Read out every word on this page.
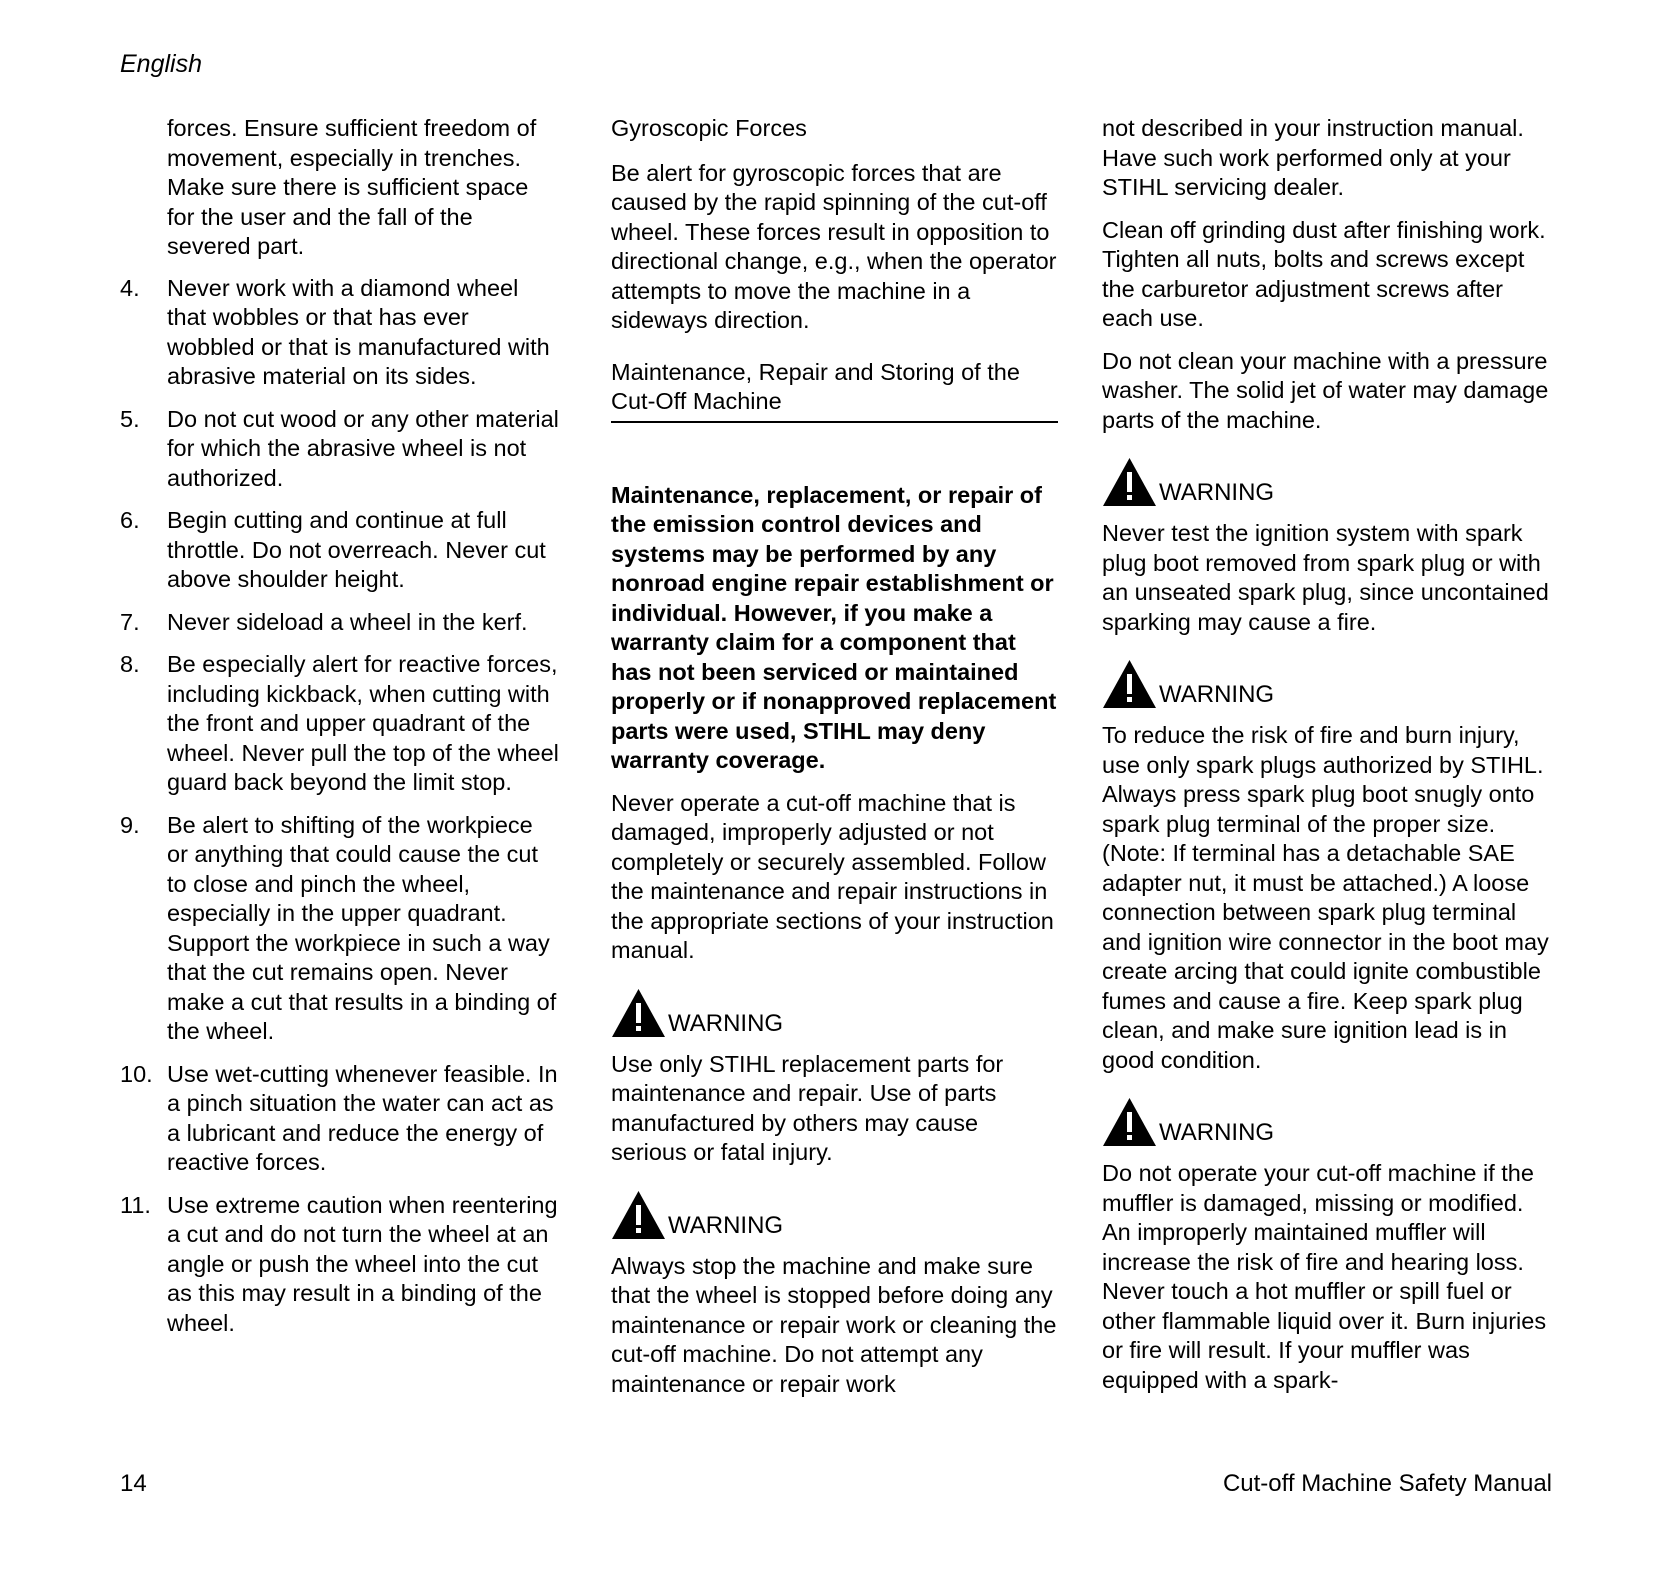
English
forces. Ensure sufficient freedom of movement, especially in trenches. Make sure there is sufficient space for the user and the fall of the severed part.
4.	Never work with a diamond wheel that wobbles or that has ever wobbled or that is manufactured with abrasive material on its sides.
5.	Do not cut wood or any other material for which the abrasive wheel is not authorized.
6.	Begin cutting and continue at full throttle. Do not overreach. Never cut above shoulder height.
7.	Never sideload a wheel in the kerf.
8.	Be especially alert for reactive forces, including kickback, when cutting with the front and upper quadrant of the wheel. Never pull the top of the wheel guard back beyond the limit stop.
9.	Be alert to shifting of the workpiece or anything that could cause the cut to close and pinch the wheel, especially in the upper quadrant. Support the workpiece in such a way that the cut remains open. Never make a cut that results in a binding of the wheel.
10. Use wet-cutting whenever feasible. In a pinch situation the water can act as a lubricant and reduce the energy of reactive forces.
11. Use extreme caution when reentering a cut and do not turn the wheel at an angle or push the wheel into the cut as this may result in a binding of the wheel.
Gyroscopic Forces
Be alert for gyroscopic forces that are caused by the rapid spinning of the cut-off wheel. These forces result in opposition to directional change, e.g., when the operator attempts to move the machine in a sideways direction.
Maintenance, Repair and Storing of the Cut-Off Machine
Maintenance, replacement, or repair of the emission control devices and systems may be performed by any nonroad engine repair establishment or individual. However, if you make a warranty claim for a component that has not been serviced or maintained properly or if nonapproved replacement parts were used, STIHL may deny warranty coverage.
Never operate a cut-off machine that is damaged, improperly adjusted or not completely or securely assembled. Follow the maintenance and repair instructions in the appropriate sections of your instruction manual.
WARNING
Use only STIHL replacement parts for maintenance and repair. Use of parts manufactured by others may cause serious or fatal injury.
WARNING
Always stop the machine and make sure that the wheel is stopped before doing any maintenance or repair work or cleaning the cut-off machine. Do not attempt any maintenance or repair work
not described in your instruction manual. Have such work performed only at your STIHL servicing dealer.
Clean off grinding dust after finishing work. Tighten all nuts, bolts and screws except the carburetor adjustment screws after each use.
Do not clean your machine with a pressure washer. The solid jet of water may damage parts of the machine.
WARNING
Never test the ignition system with spark plug boot removed from spark plug or with an unseated spark plug, since uncontained sparking may cause a fire.
WARNING
To reduce the risk of fire and burn injury, use only spark plugs authorized by STIHL. Always press spark plug boot snugly onto spark plug terminal of the proper size. (Note: If terminal has a detachable SAE adapter nut, it must be attached.) A loose connection between spark plug terminal and ignition wire connector in the boot may create arcing that could ignite combustible fumes and cause a fire. Keep spark plug clean, and make sure ignition lead is in good condition.
WARNING
Do not operate your cut-off machine if the muffler is damaged, missing or modified. An improperly maintained muffler will increase the risk of fire and hearing loss. Never touch a hot muffler or spill fuel or other flammable liquid over it. Burn injuries or fire will result. If your muffler was equipped with a spark-
14	Cut-off Machine Safety Manual
